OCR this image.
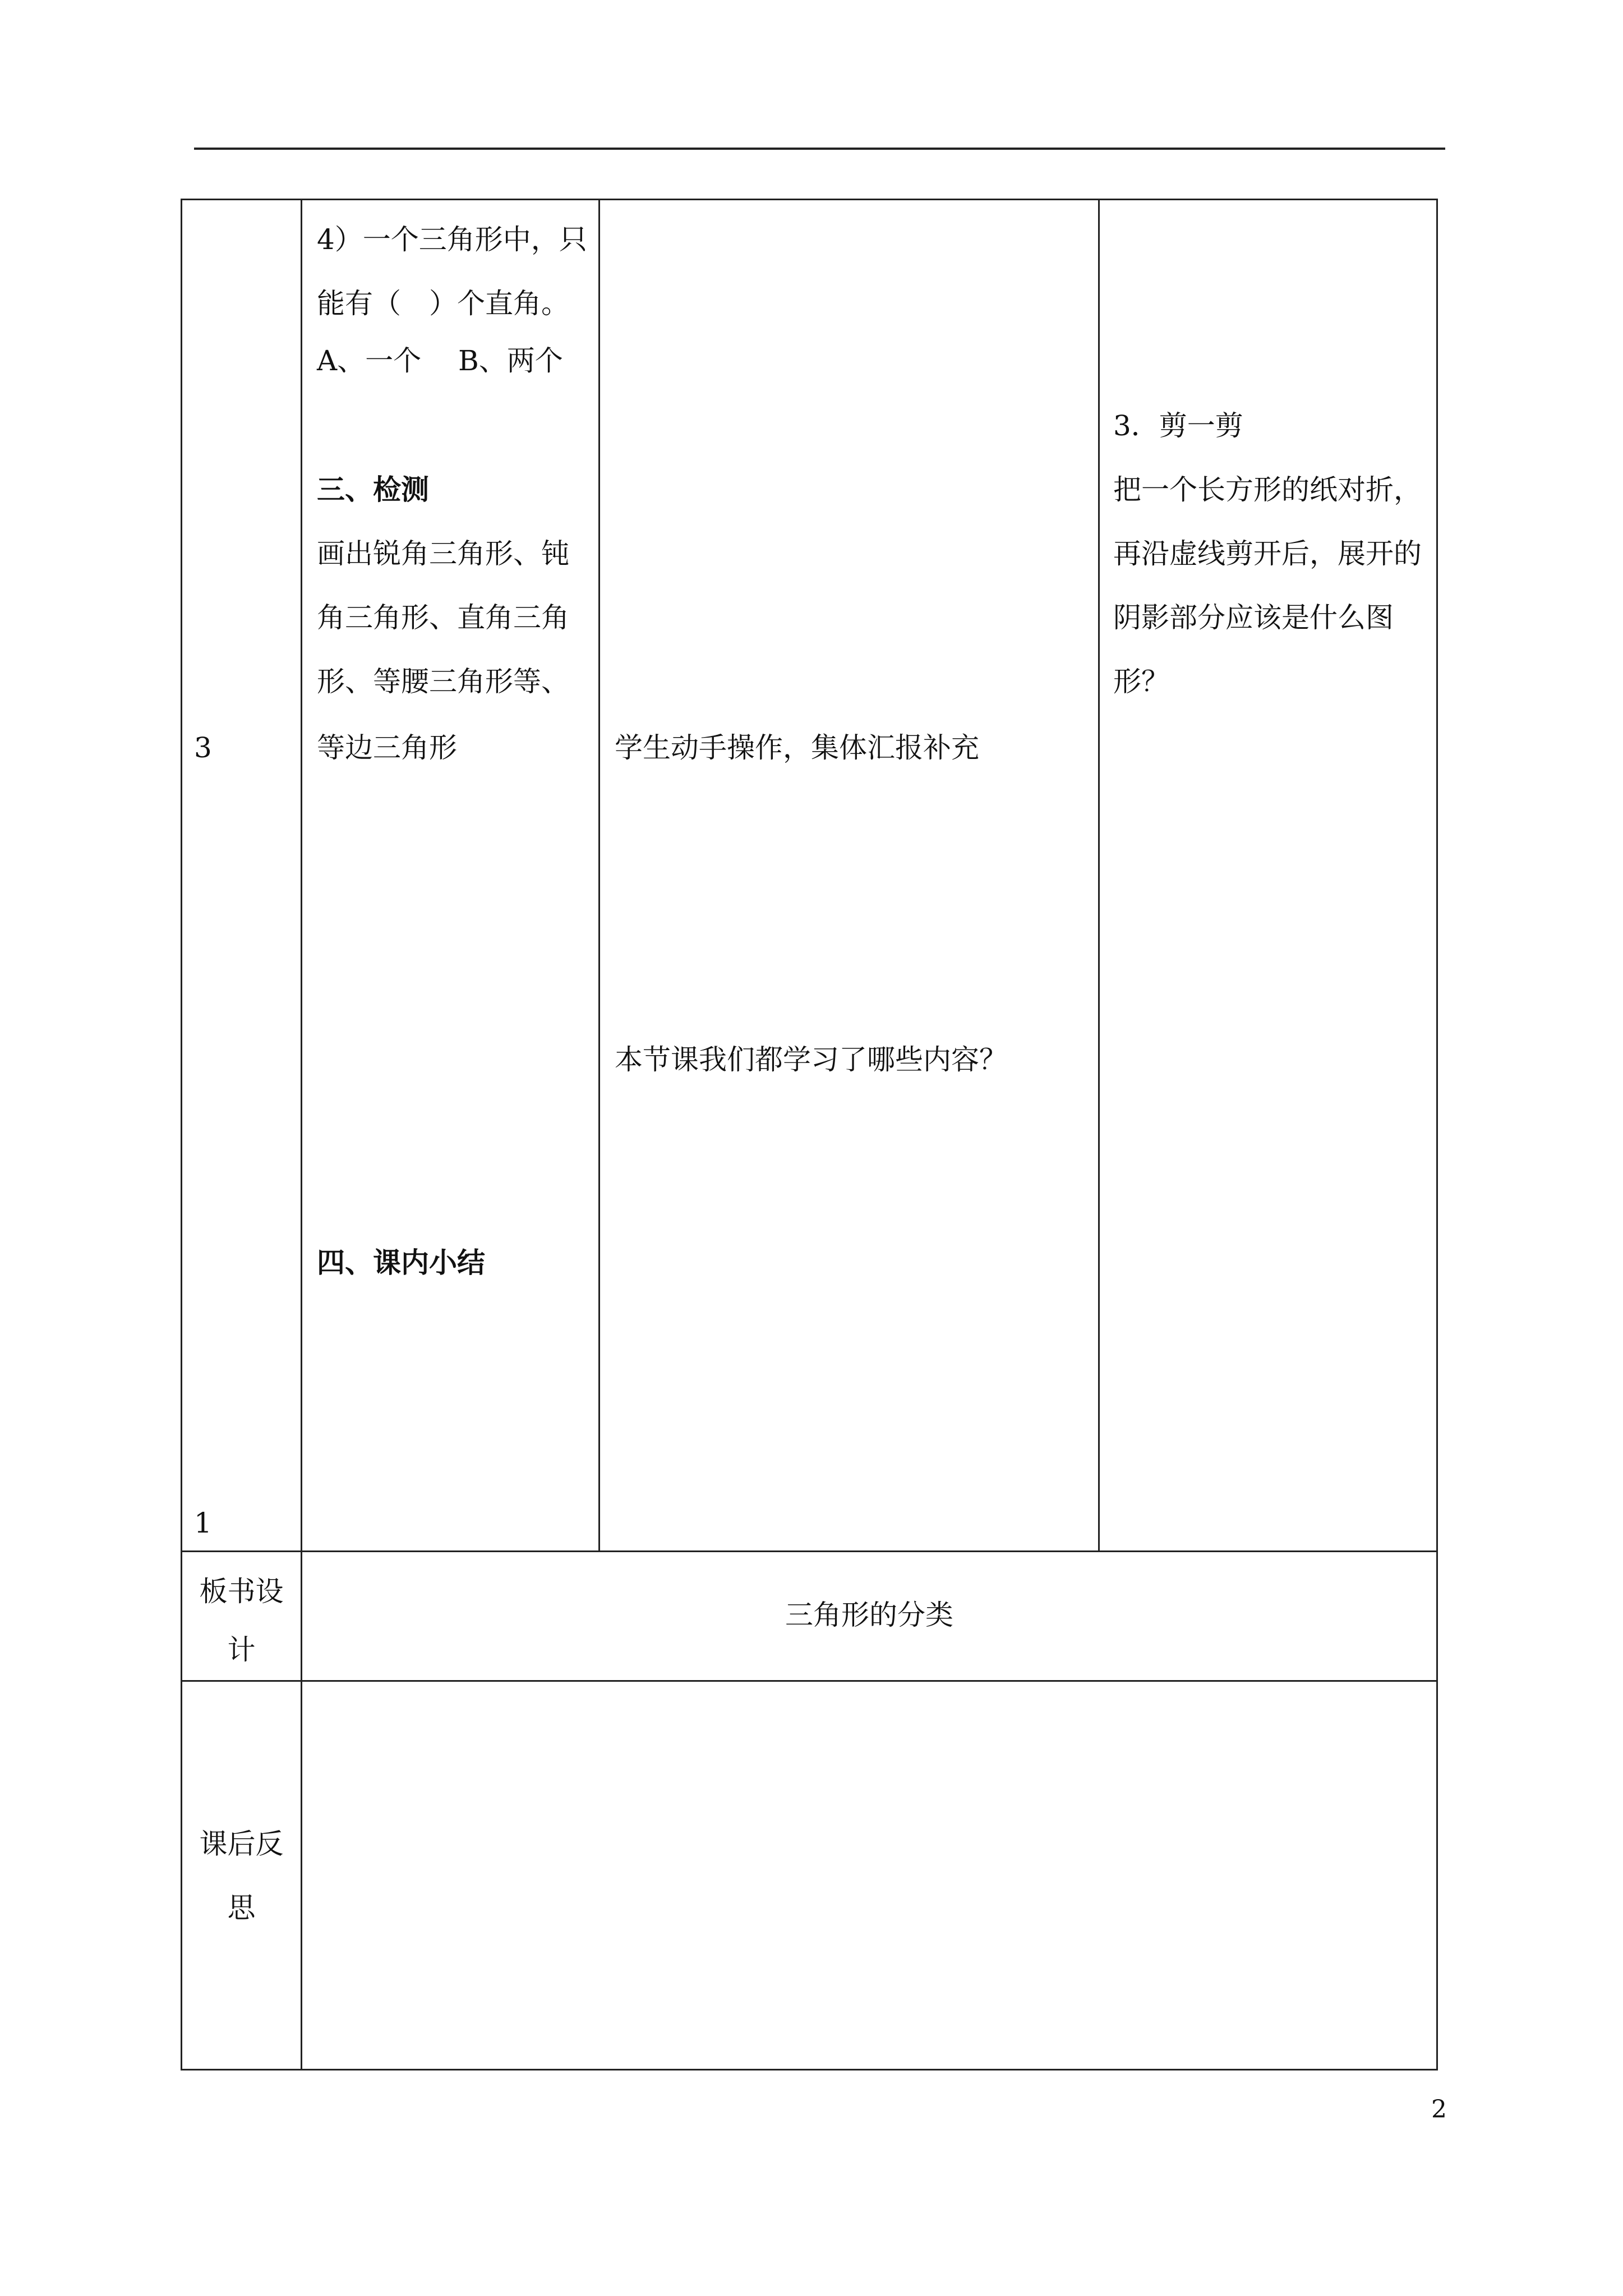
3
1
4）一个三角形中，只
能有（　）个直角。
A、一个　 B、两个
三、检测
画出锐角三角形、钝
角三角形、直角三角
形、等腰三角形等、
等边三角形
四、课内小结
学生动手操作，集体汇报补充
本节课我们都学习了哪些内容？
3．剪一剪
把一个长方形的纸对折，
再沿虚线剪开后，展开的
阴影部分应该是什么图
形？
板书设
计
三角形的分类
课后反
思
2
